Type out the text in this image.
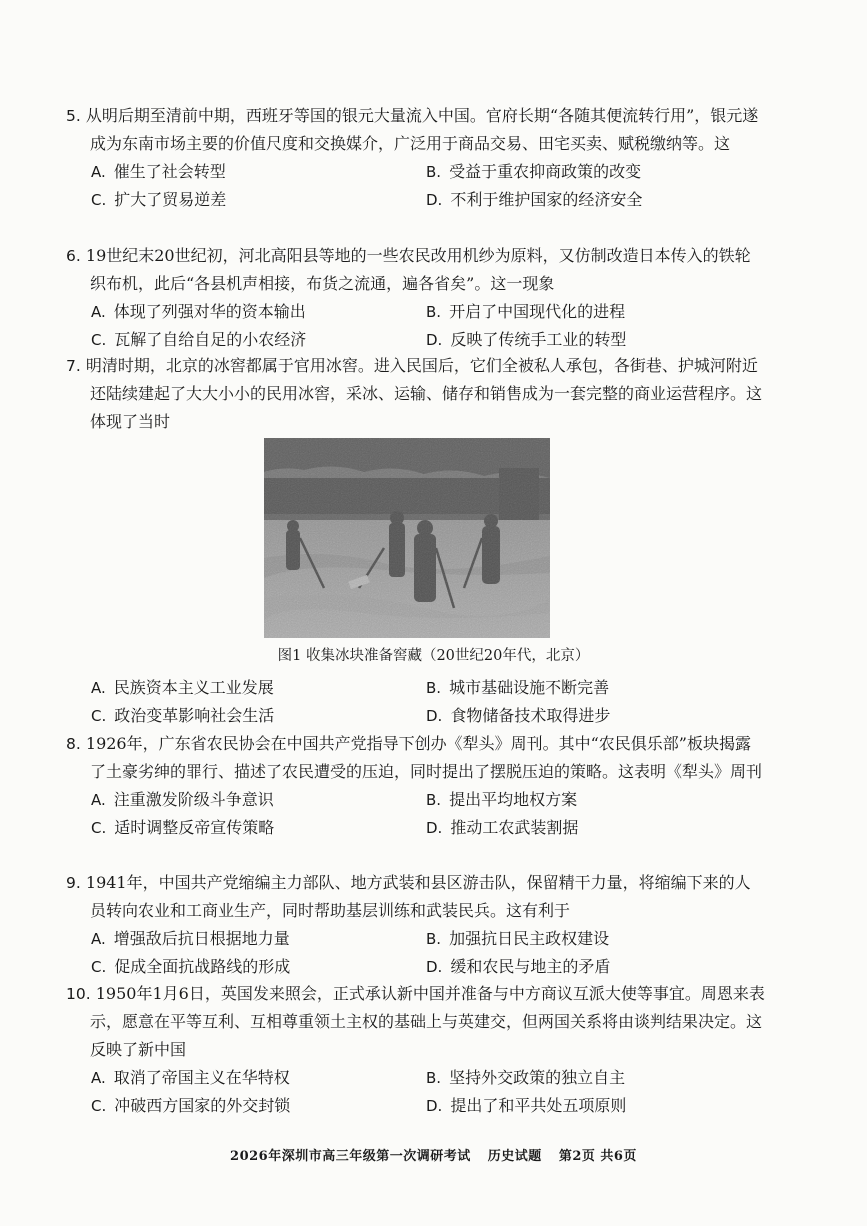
5. 从明后期至清前中期，西班牙等国的银元大量流入中国。官府长期“各随其便流转行用”，银元遂成为东南市场主要的价值尺度和交换媒介，广泛用于商品交易、田宅买卖、赋税缴纳等。这

A. 催生了社会转型	B. 受益于重农抑商政策的改变
C. 扩大了贸易逆差	D. 不利于维护国家的经济安全

6. 19世纪末20世纪初，河北高阳县等地的一些农民改用机纱为原料，又仿制改造日本传入的铁轮织布机，此后“各县机声相接，布货之流通，遍各省矣”。这一现象

A. 体现了列强对华的资本输出	B. 开启了中国现代化的进程
C. 瓦解了自给自足的小农经济	D. 反映了传统手工业的转型

7. 明清时期，北京的冰窖都属于官用冰窖。进入民国后，它们全被私人承包，各街巷、护城河附近还陆续建起了大大小小的民用冰窖，采冰、运输、储存和销售成为一套完整的商业运营程序。这体现了当时

图1 收集冰块准备窖藏（20世纪20年代，北京）
A. 民族资本主义工业发展	B. 城市基础设施不断完善
C. 政治变革影响社会生活	D. 食物储备技术取得进步

8. 1926年，广东省农民协会在中国共产党指导下创办《犁头》周刊。其中“农民俱乐部”板块揭露了土豪劣绅的罪行、描述了农民遭受的压迫，同时提出了摆脱压迫的策略。这表明《犁头》周刊

A. 注重激发阶级斗争意识	B. 提出平均地权方案
C. 适时调整反帝宣传策略	D. 推动工农武装割据

9. 1941年，中国共产党缩编主力部队、地方武装和县区游击队，保留精干力量，将缩编下来的人员转向农业和工商业生产，同时帮助基层训练和武装民兵。这有利于

A. 增强敌后抗日根据地力量	B. 加强抗日民主政权建设
C. 促成全面抗战路线的形成	D. 缓和农民与地主的矛盾

10. 1950年1月6日，英国发来照会，正式承认新中国并准备与中方商议互派大使等事宜。周恩来表示，愿意在平等互利、互相尊重领土主权的基础上与英建交，但两国关系将由谈判结果决定。这反映了新中国

A. 取消了帝国主义在华特权	B. 坚持外交政策的独立自主
C. 冲破西方国家的外交封锁	D. 提出了和平共处五项原则
2026年深圳市高三年级第一次调研考试 历史试题 第2页 共6页
